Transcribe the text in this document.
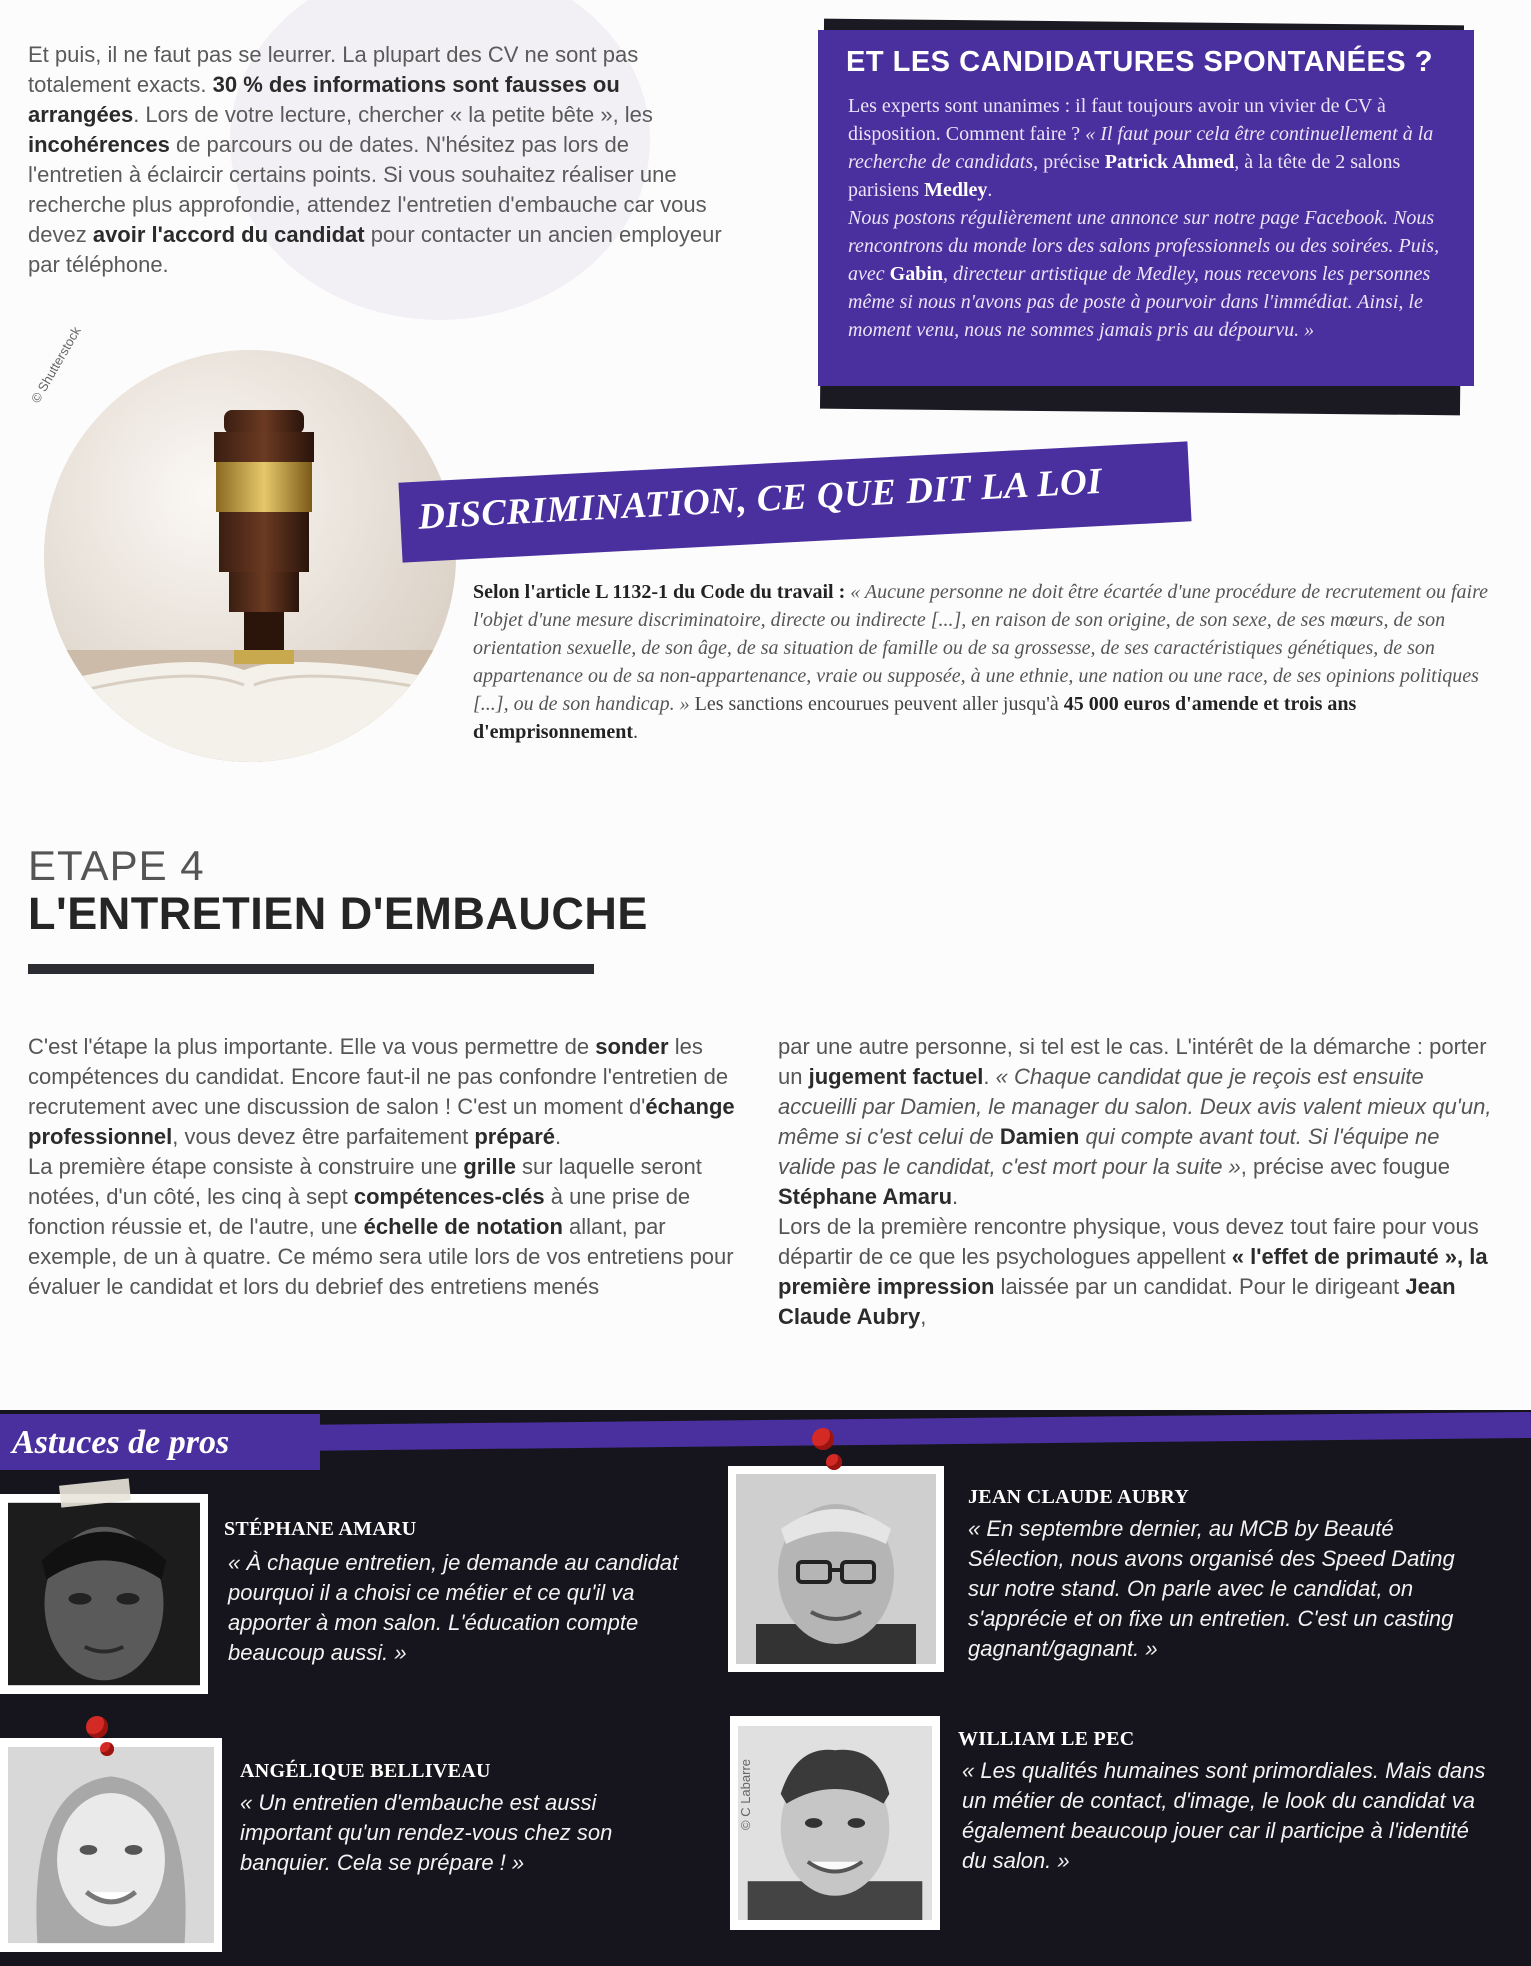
Et puis, il ne faut pas se leurrer. La plupart des CV ne sont pas totalement exacts. 30 % des informations sont fausses ou arrangées. Lors de votre lecture, chercher « la petite bête », les incohérences de parcours ou de dates. N'hésitez pas lors de l'entretien à éclaircir certains points. Si vous souhaitez réaliser une recherche plus approfondie, attendez l'entretien d'embauche car vous devez avoir l'accord du candidat pour contacter un ancien employeur par téléphone.

ET LES CANDIDATURES SPONTANÉES ?

Les experts sont unanimes : il faut toujours avoir un vivier de CV à disposition. Comment faire ? « Il faut pour cela être continuellement à la recherche de candidats, précise Patrick Ahmed, à la tête de 2 salons parisiens Medley.
Nous postons régulièrement une annonce sur notre page Facebook. Nous rencontrons du monde lors des salons professionnels ou des soirées. Puis, avec Gabin, directeur artistique de Medley, nous recevons les personnes même si nous n'avons pas de poste à pourvoir dans l'immédiat. Ainsi, le moment venu, nous ne sommes jamais pris au dépourvu. »

© Shutterstock
DISCRIMINATION, CE QUE DIT LA LOI

Selon l'article L 1132-1 du Code du travail : « Aucune personne ne doit être écartée d'une procédure de recrutement ou faire l'objet d'une mesure discriminatoire, directe ou indirecte [...], en raison de son origine, de son sexe, de ses mœurs, de son orientation sexuelle, de son âge, de sa situation de famille ou de sa grossesse, de ses caractéristiques génétiques, de son appartenance ou de sa non-appartenance, vraie ou supposée, à une ethnie, une nation ou une race, de ses opinions politiques [...], ou de son handicap. » Les sanctions encourues peuvent aller jusqu'à 45 000 euros d'amende et trois ans d'emprisonnement.

ETAPE 4
L'ENTRETIEN D'EMBAUCHE

C'est l'étape la plus importante. Elle va vous permettre de sonder les compétences du candidat. Encore faut-il ne pas confondre l'entretien de recrutement avec une discussion de salon ! C'est un moment d'échange professionnel, vous devez être parfaitement préparé.
La première étape consiste à construire une grille sur laquelle seront notées, d'un côté, les cinq à sept compétences-clés à une prise de fonction réussie et, de l'autre, une échelle de notation allant, par exemple, de un à quatre. Ce mémo sera utile lors de vos entretiens pour évaluer le candidat et lors du debrief des entretiens menés

par une autre personne, si tel est le cas. L'intérêt de la démarche : porter un jugement factuel. « Chaque candidat que je reçois est ensuite accueilli par Damien, le manager du salon. Deux avis valent mieux qu'un, même si c'est celui de Damien qui compte avant tout. Si l'équipe ne valide pas le candidat, c'est mort pour la suite », précise avec fougue Stéphane Amaru.
Lors de la première rencontre physique, vous devez tout faire pour vous départir de ce que les psychologues appellent « l'effet de primauté », la première impression laissée par un candidat. Pour le dirigeant Jean Claude Aubry,

Astuces de pros
STÉPHANE AMARU
« À chaque entretien, je demande au candidat pourquoi il a choisi ce métier et ce qu'il va apporter à mon salon. L'éducation compte beaucoup aussi. »
ANGÉLIQUE BELLIVEAU
« Un entretien d'embauche est aussi important qu'un rendez-vous chez son banquier. Cela se prépare ! »
JEAN CLAUDE AUBRY
« En septembre dernier, au MCB by Beauté Sélection, nous avons organisé des Speed Dating sur notre stand. On parle avec le candidat, on s'apprécie et on fixe un entretien. C'est un casting gagnant/gagnant. »
© C Labarre
WILLIAM LE PEC
« Les qualités humaines sont primordiales. Mais dans un métier de contact, d'image, le look du candidat va également beaucoup jouer car il participe à l'identité du salon. »
